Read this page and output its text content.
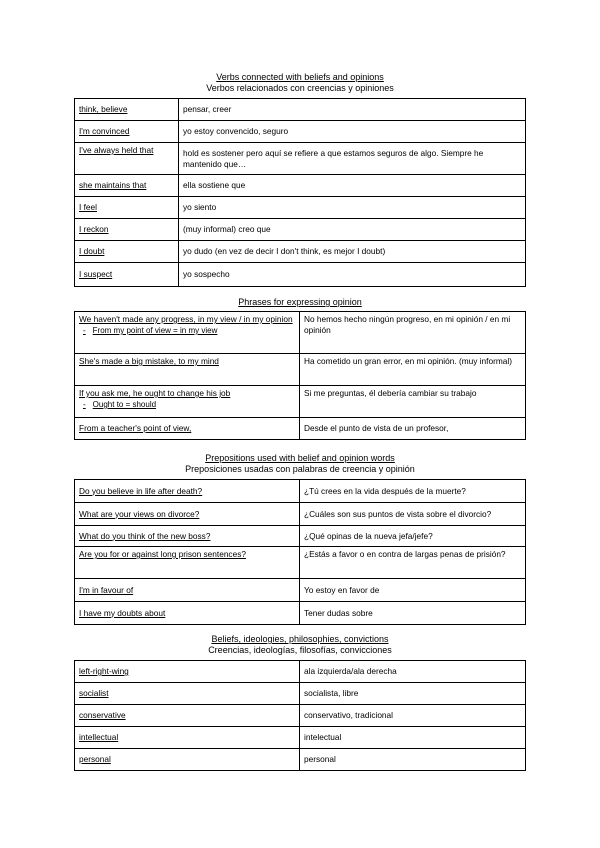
Verbs connected with beliefs and opinions
Verbos relacionados con creencias y opiniones
think, believe	pensar, creer
I'm convinced	yo estoy convencido, seguro
I've always held that	hold es sostener pero aquí se refiere a que estamos seguros de algo. Siempre he mantenido que…
she maintains that	ella sostiene que
I feel	yo siento
I reckon	(muy informal) creo que
I doubt	yo dudo (en vez de decir I don't think, es mejor I doubt)
I suspect	yo sospecho
Phrases for expressing opinion
We haven't made any progress, in my view / in my opinion
- From my point of view = in my view	No hemos hecho ningún progreso, en mi opinión / en mi opinión
She's made a big mistake, to my mind	Ha cometido un gran error, en mi opinión. (muy informal)
If you ask me, he ought to change his job
- Ought to = should	Si me preguntas, él debería cambiar su trabajo
From a teacher's point of view,	Desde el punto de vista de un profesor,
Prepositions used with belief and opinion words
Preposiciones usadas con palabras de creencia y opinión
Do you believe in life after death?	¿Tú crees en la vida después de la muerte?
What are your views on divorce?	¿Cuáles son sus puntos de vista sobre el divorcio?
What do you think of the new boss?	¿Qué opinas de la nueva jefa/jefe?
Are you for or against long prison sentences?	¿Estás a favor o en contra de largas penas de prisión?
I'm in favour of	Yo estoy en favor de
I have my doubts about	Tener dudas sobre
Beliefs, ideologies, philosophies, convictions
Creencias, ideologías, filosofías, convicciones
left-right-wing	ala izquierda/ala derecha
socialist	socialista, libre
conservative	conservativo, tradicional
intellectual	intelectual
personal	personal
